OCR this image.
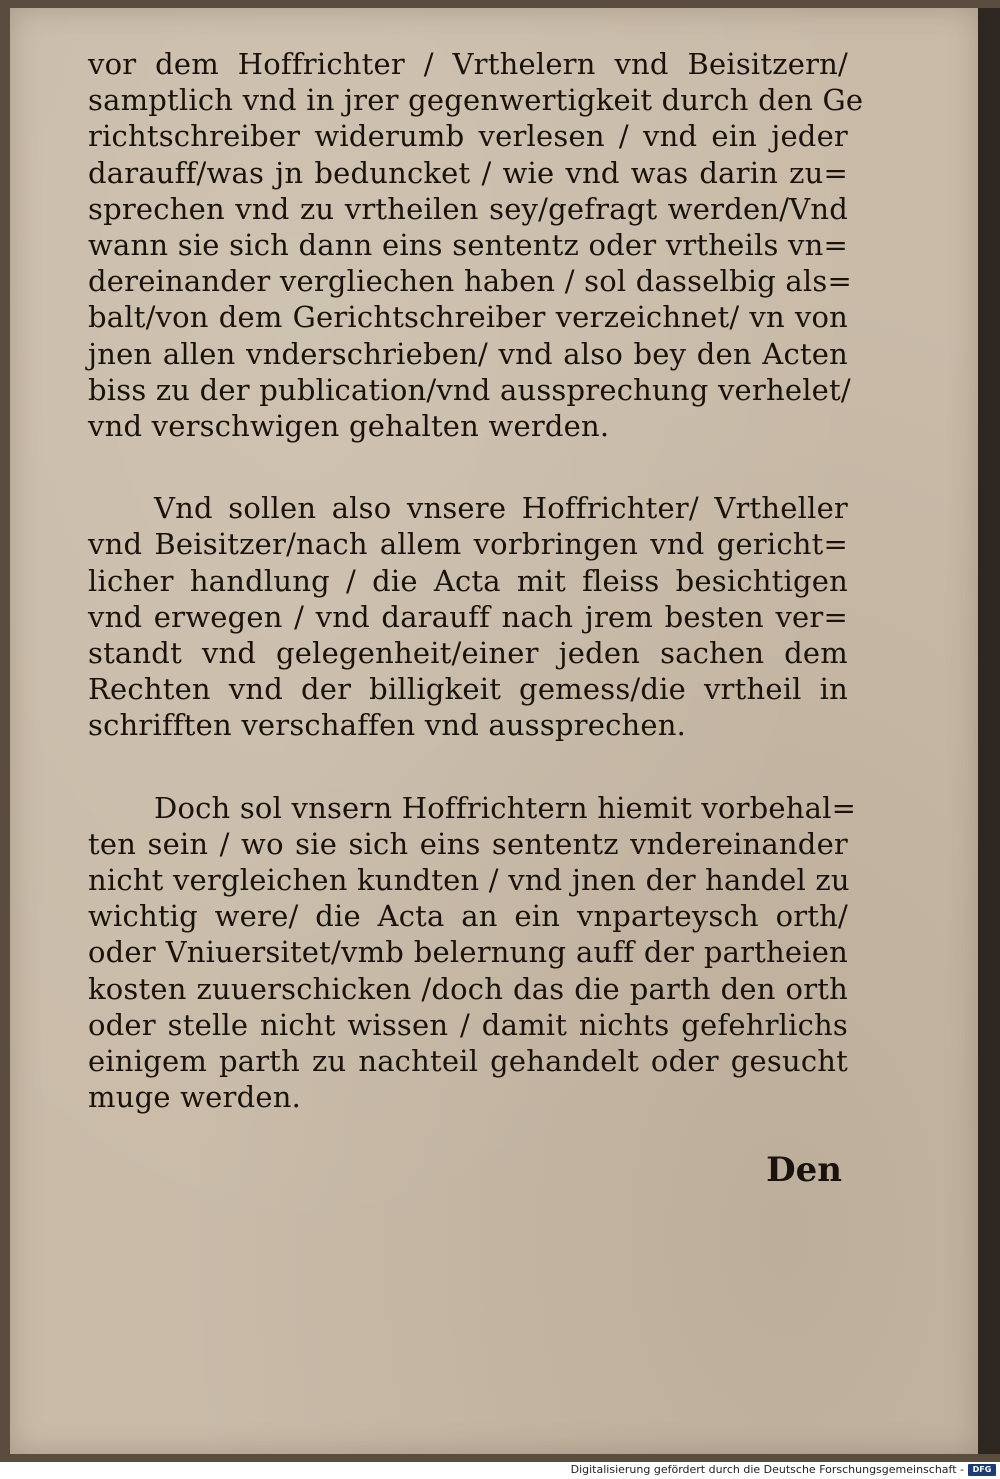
vor dem Hoffrichter / Vrthelern vnd Beisitzern/
samptlich vnd in jrer gegenwertigkeit durch den Ge
richtschreiber widerumb verlesen / vnd ein jeder
darauff/was jn beduncket / wie vnd was darin zu=
sprechen vnd zu vrtheilen sey/gefragt werden/Vnd
wann sie sich dann eins sententz oder vrtheils vn=
dereinander vergliechen haben / sol dasselbig als=
balt/von dem Gerichtschreiber verzeichnet/ vn von
jnen allen vnderschrieben/ vnd also bey den Acten
biss zu der publication/vnd aussprechung verhelet/
vnd verschwigen gehalten werden.
Vnd sollen also vnsere Hoffrichter/ Vrtheller
vnd Beisitzer/nach allem vorbringen vnd gericht=
licher handlung / die Acta mit fleiss besichtigen
vnd erwegen / vnd darauff nach jrem besten ver=
standt vnd gelegenheit/einer jeden sachen dem
Rechten vnd der billigkeit gemess/die vrtheil in
schrifften verschaffen vnd aussprechen.
Doch sol vnsern Hoffrichtern hiemit vorbehal=
ten sein / wo sie sich eins sententz vndereinander
nicht vergleichen kundten / vnd jnen der handel zu
wichtig were/ die Acta an ein vnparteysch orth/
oder Vniuersitet/vmb belernung auff der partheien
kosten zuuerschicken /doch das die parth den orth
oder stelle nicht wissen / damit nichts gefehrlichs
einigem parth zu nachteil gehandelt oder gesucht
muge werden.
Den
Digitalisierung gefördert durch die Deutsche Forschungsgemeinschaft -	DFG
